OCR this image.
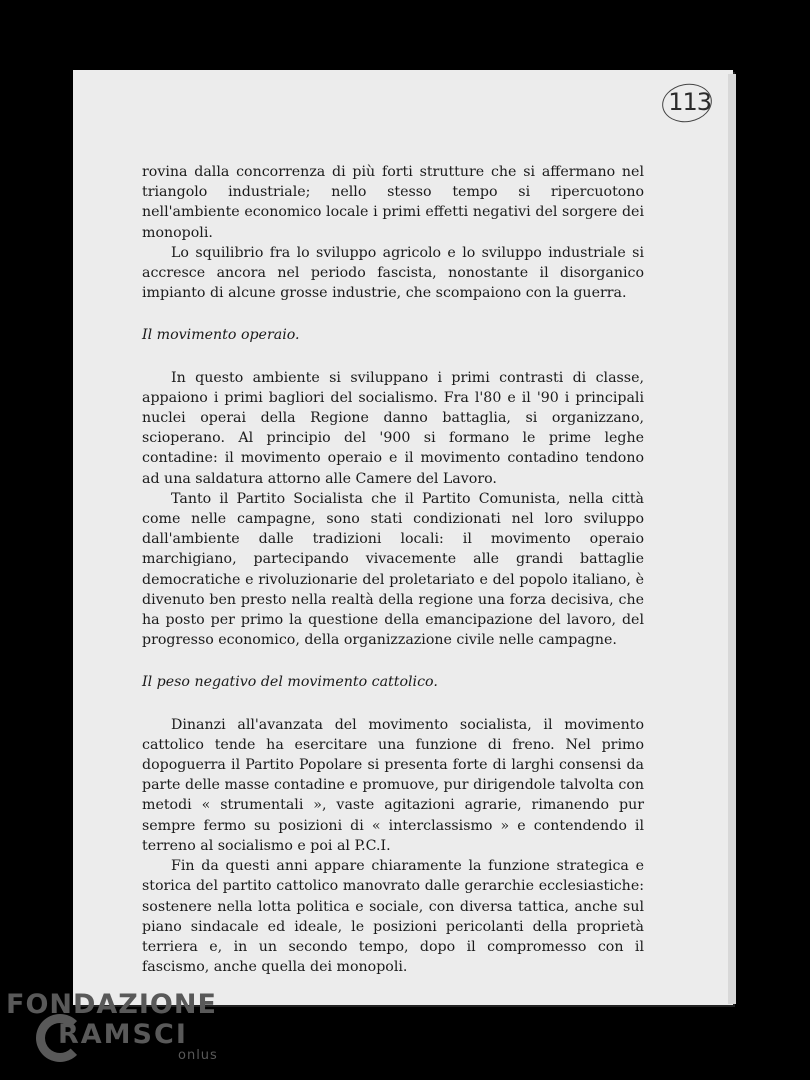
113

rovina dalla concorrenza di più forti strutture che si affermano nel triangolo industriale; nello stesso tempo si ripercuotono nell'ambiente economico locale i primi effetti negativi del sorgere dei monopoli.

Lo squilibrio fra lo sviluppo agricolo e lo sviluppo industriale si accresce ancora nel periodo fascista, nonostante il disorganico impianto di alcune grosse industrie, che scompaiono con la guerra.

Il movimento operaio.

In questo ambiente si sviluppano i primi contrasti di classe, appaiono i primi bagliori del socialismo. Fra l'80 e il '90 i principali nuclei operai della Regione danno battaglia, si organizzano, scioperano. Al principio del '900 si formano le prime leghe contadine: il movimento operaio e il movimento contadino tendono ad una saldatura attorno alle Camere del Lavoro.

Tanto il Partito Socialista che il Partito Comunista, nella città come nelle campagne, sono stati condizionati nel loro sviluppo dall'ambiente dalle tradizioni locali: il movimento operaio marchigiano, partecipando vivacemente alle grandi battaglie democratiche e rivoluzionarie del proletariato e del popolo italiano, è divenuto ben presto nella realtà della regione una forza decisiva, che ha posto per primo la questione della emancipazione del lavoro, del progresso economico, della organizzazione civile nelle campagne.

Il peso negativo del movimento cattolico.

Dinanzi all'avanzata del movimento socialista, il movimento cattolico tende ha esercitare una funzione di freno. Nel primo dopoguerra il Partito Popolare si presenta forte di larghi consensi da parte delle masse contadine e promuove, pur dirigendole talvolta con metodi « strumentali », vaste agitazioni agrarie, rimanendo pur sempre fermo su posizioni di « interclassismo » e contendendo il terreno al socialismo e poi al P.C.I.

Fin da questi anni appare chiaramente la funzione strategica e storica del partito cattolico manovrato dalle gerarchie ecclesiastiche: sostenere nella lotta politica e sociale, con diversa tattica, anche sul piano sindacale ed ideale, le posizioni pericolanti della proprietà terriera e, in un secondo tempo, dopo il compromesso con il fascismo, anche quella dei monopoli.

FONDAZIONE
RAMSCI
onlus
